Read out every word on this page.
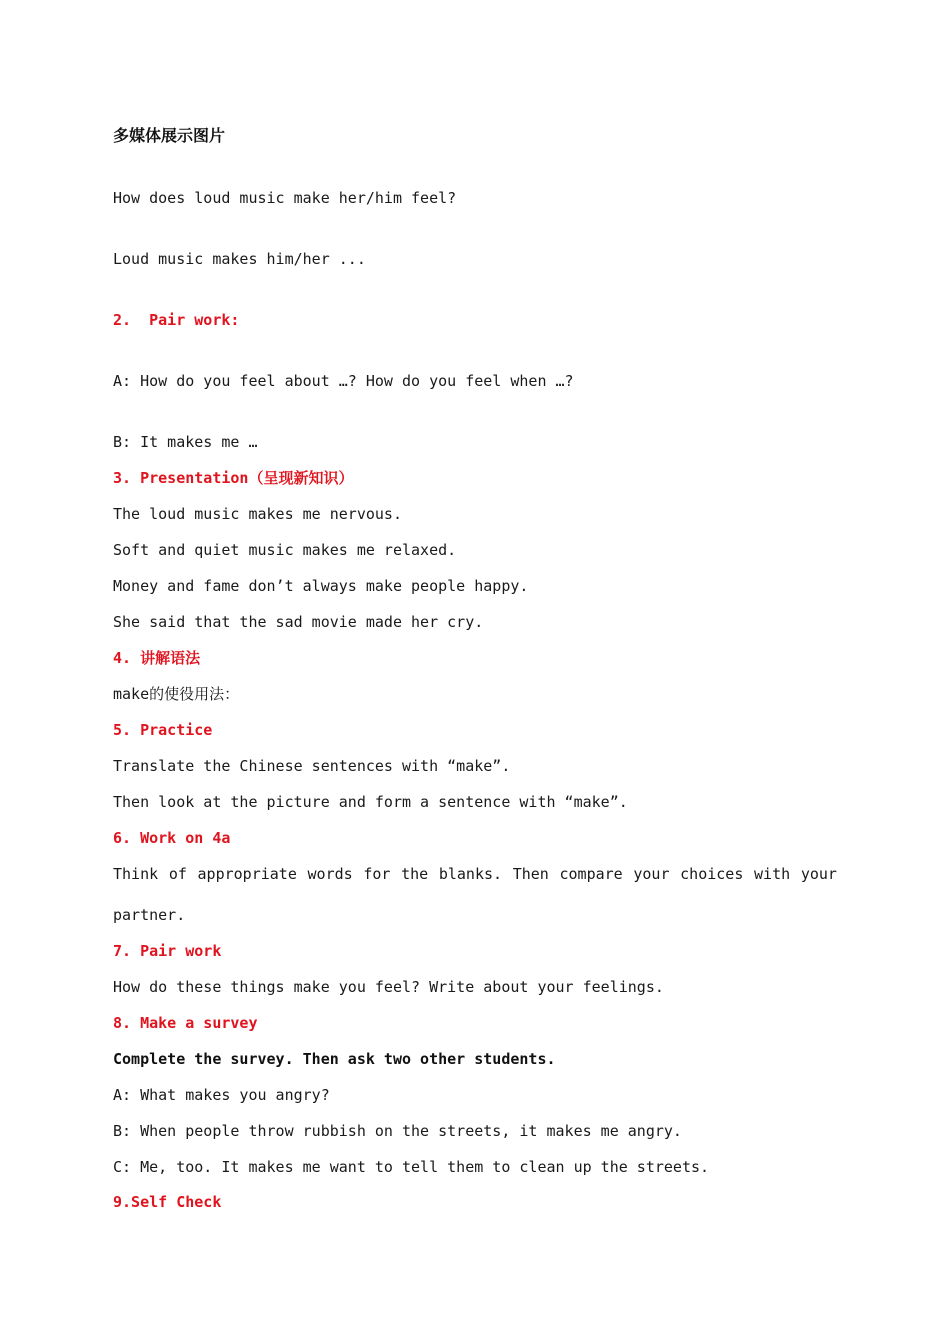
多媒体展示图片
How does loud music make her/him feel?
Loud music makes him/her ...
2.  Pair work:
A: How do you feel about …? How do you feel when …?
B: It makes me …
3. Presentation（呈现新知识）
The loud music makes me nervous.
Soft and quiet music makes me relaxed.
Money and fame don’t always make people happy.
She said that the sad movie made her cry.
4. 讲解语法
make的使役用法：
5. Practice
Translate the Chinese sentences with “make”.
Then look at the picture and form a sentence with “make”.
6. Work on 4a
Think of appropriate words for the blanks. Then compare your choices with your
partner.
7. Pair work
How do these things make you feel? Write about your feelings.
8. Make a survey
Complete the survey. Then ask two other students.
A: What makes you angry?
B: When people throw rubbish on the streets, it makes me angry.
C: Me, too. It makes me want to tell them to clean up the streets.
9.Self Check
